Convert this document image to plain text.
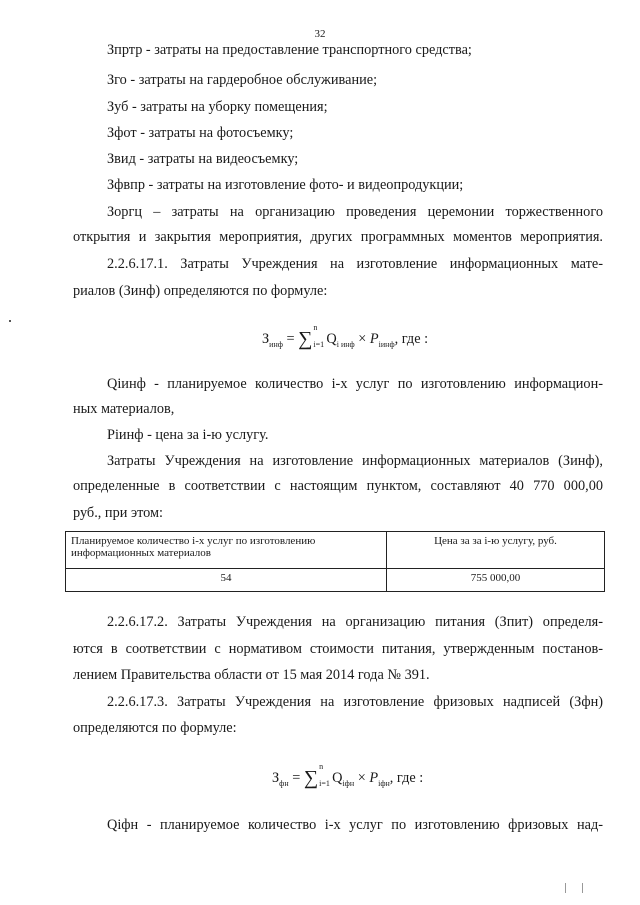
32
Зпртр - затраты на предоставление транспортного средства;
Зго - затраты на гардеробное обслуживание;
Зуб - затраты на уборку помещения;
Зфот - затраты на фотосъемку;
Звид - затраты на видеосъемку;
Зфвпр - затраты на изготовление фото- и видеопродукции;
Зоргц – затраты на организацию проведения церемонии торжественного
открытия и закрытия мероприятия, других программных моментов мероприятия.
2.2.6.17.1. Затраты Учреждения на изготовление информационных мате-
риалов (Зинф) определяются по формуле:
$З_{инф}$ = ∑
n
i=1 $Q_{i инф} \times P_{iинф}$, где :
Qiинф - планируемое количество i-х услуг по изготовлению информацион-
ных материалов,
Piинф - цена за i-ю услугу.
Затраты Учреждения на изготовление информационных материалов (Зинф),
определенные в соответствии с настоящим пунктом, составляют 40 770 000,00
руб., при этом:
Планируемое количество i-х услуг по изготовлению информационных материалов	Цена за за i-ю услугу, руб.
54	755 000,00
2.2.6.17.2. Затраты Учреждения на организацию питания (Зпит) определя-
ются в соответствии с нормативом стоимости питания, утвержденным постанов-
лением Правительства области от 15 мая 2014 года № 391.
2.2.6.17.3. Затраты Учреждения на изготовление фризовых надписей (Зфн)
определяются по формуле:
$З_{фн}$ = ∑
n
i=1 $Q_{iфн} \times P_{iфн}$, где :
Qiфн - планируемое количество i-х услуг по изготовлению фризовых над-
